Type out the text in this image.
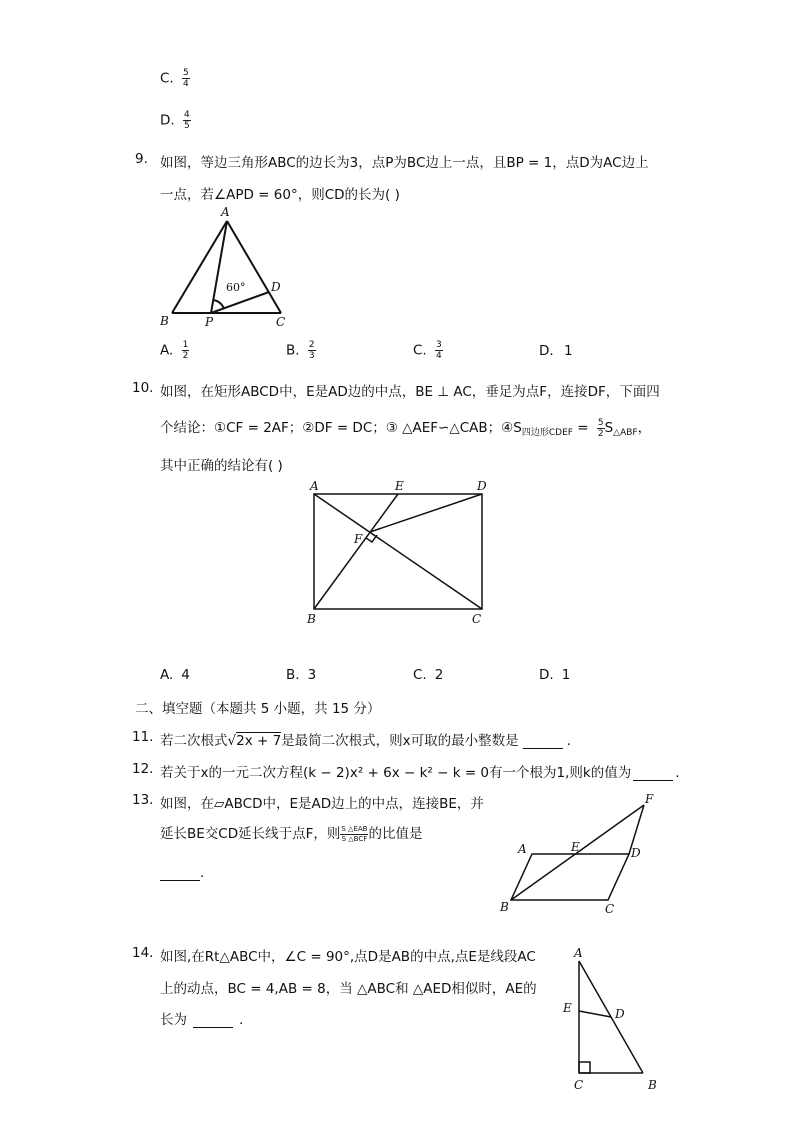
C. $\frac{5}{4}$
D. $\frac{4}{5}$
9. 如图，等边三角形ABC的边长为3，点P为BC边上一点，且BP = 1，点D为AC边上
一点，若∠APD = 60°，则CD的长为( )
A
B	P	C
D
60°
A. $\frac{1}{2}$	B. $\frac{2}{3}$	C. $\frac{3}{4}$	D. 1
10. 如图，在矩形ABCD中，E是AD边的中点，BE ⊥ AC，垂足为点F，连接DF，下面四
个结论：①CF = 2AF；②DF = DC；③ △AEF∽△CAB；$④S_{四边形CDEF} = \frac{5}{2} S_{\triangle ABF}$，
其中正确的结论有( )
A	E	D
F
B	C
A. 4	B. 3	C. 2	D. 1
二、填空题（本题共 5 小题，共 15 分）
11. 若二次根式√2x + 7是最简二次根式，则x可取的最小整数是	.
12. 若关于x的一元二次方程(k − 2)x² + 6x − k² − k = 0有一个根为1,则k的值为	.
13. 如图，在▱ABCD中，E是AD边上的中点，连接BE，并
延长BE交CD延长线于点F，则 $\frac{\text{S △EAB}}{\text{S △BCF}}$ 的比值是
.
F
A	E	D
B	C
14. 如图,在Rt△ABC中，∠C = 90°,点D是AB的中点,点E是线段AC
上的动点，BC = 4,AB = 8，当 △ABC和 △AED相似时，AE的
长为	.
A
E	D
C	B
